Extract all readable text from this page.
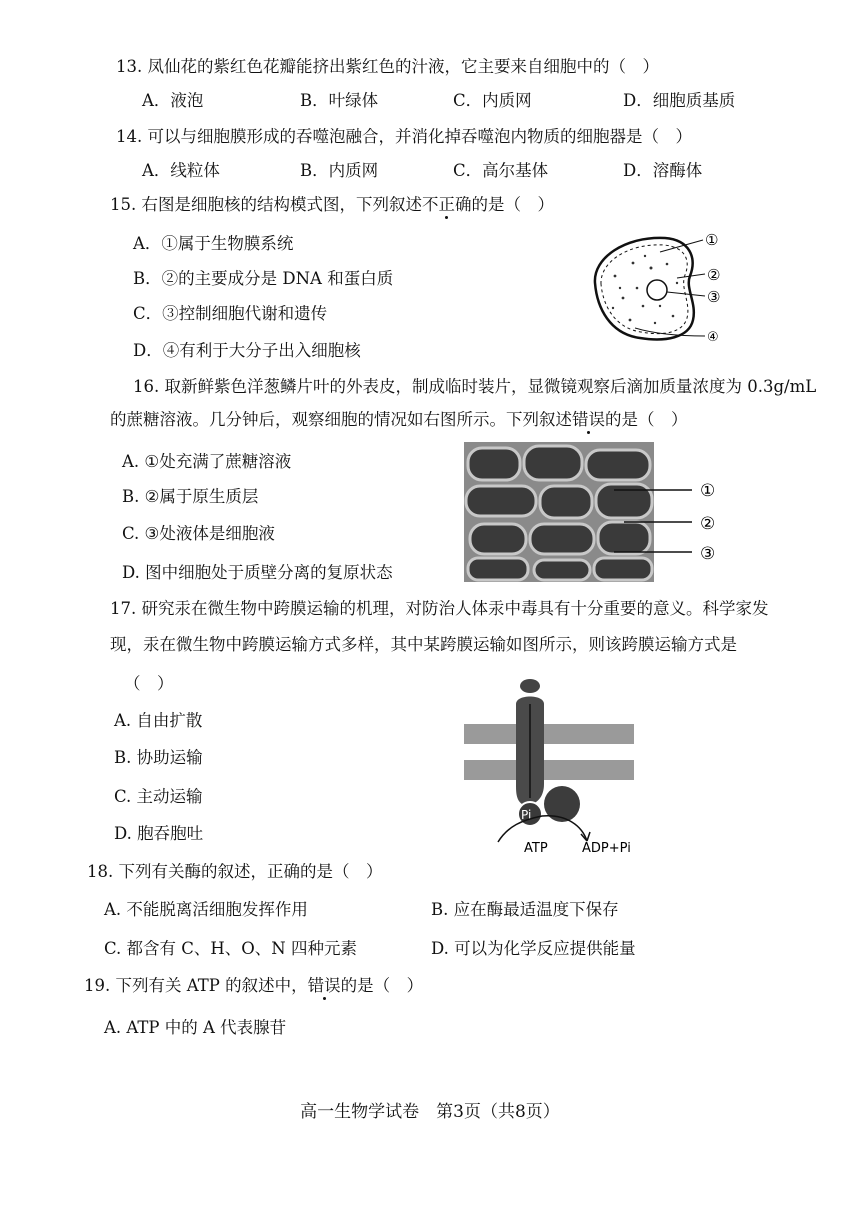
13. 凤仙花的紫红色花瓣能挤出紫红色的汁液，它主要来自细胞中的（　）
A．液泡	B．叶绿体	C．内质网	D．细胞质基质
14. 可以与细胞膜形成的吞噬泡融合，并消化掉吞噬泡内物质的细胞器是（　）
A．线粒体	B．内质网	C．高尔基体	D．溶酶体
15. 右图是细胞核的结构模式图，下列叙述不正确的是（　）
A．①属于生物膜系统
B．②的主要成分是 DNA 和蛋白质
C．③控制细胞代谢和遗传
D．④有利于大分子出入细胞核
①
②
③
④
16. 取新鲜紫色洋葱鳞片叶的外表皮，制成临时装片，显微镜观察后滴加质量浓度为 0.3g/mL
的蔗糖溶液。几分钟后，观察细胞的情况如右图所示。下列叙述错误的是（　）
A. ①处充满了蔗糖溶液
B. ②属于原生质层
C. ③处液体是细胞液
D. 图中细胞处于质壁分离的复原状态
①
②
③
17. 研究汞在微生物中跨膜运输的机理，对防治人体汞中毒具有十分重要的意义。科学家发
现，汞在微生物中跨膜运输方式多样，其中某跨膜运输如图所示，则该跨膜运输方式是
（　）
A. 自由扩散
B. 协助运输
C. 主动运输
D. 胞吞胞吐
Pi
ATP	ADP+Pi
18. 下列有关酶的叙述，正确的是（　）
A. 不能脱离活细胞发挥作用	B. 应在酶最适温度下保存
C. 都含有 C、H、O、N 四种元素	D. 可以为化学反应提供能量
19. 下列有关 ATP 的叙述中，错误的是（　）
A. ATP 中的 A 代表腺苷
高一生物学试卷　第3页（共8页）
